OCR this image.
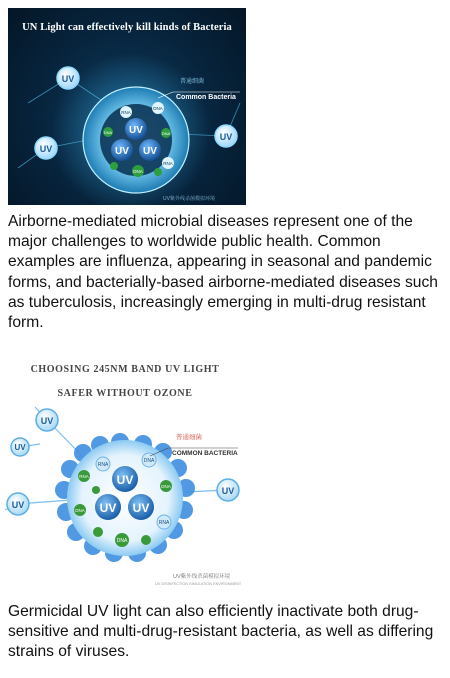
UN Light can effectively kill kinds of Bacteria
UV
UV UV
RNA
DNA
RNA
DNA
DNA	DNA
UV
UV
UV
普通细菌
Common Bacteria
UV紫外线杀菌模拟环境

Airborne-mediated microbial diseases represent one of the major challenges to worldwide public health. Common examples are influenza, appearing in seasonal and pandemic forms, and bacterially-based airborne-mediated diseases such as tuberculosis, increasingly emerging in multi-drug resistant form.

CHOOSING 245NM BAND UV LIGHT
SAFER WITHOUT OZONE
UV
UV UV
RNA
DNA
RNA
RNA
DNA
DNA
DNA
UV
UV
UV
UV
普通细菌
COMMON BACTERIA
UV紫外线杀菌模拟环境
UV DISINFECTION SIMULATION ENVIRONMENT

Germicidal UV light can also efficiently inactivate both drug-sensitive and multi-drug-resistant bacteria, as well as differing strains of viruses.
